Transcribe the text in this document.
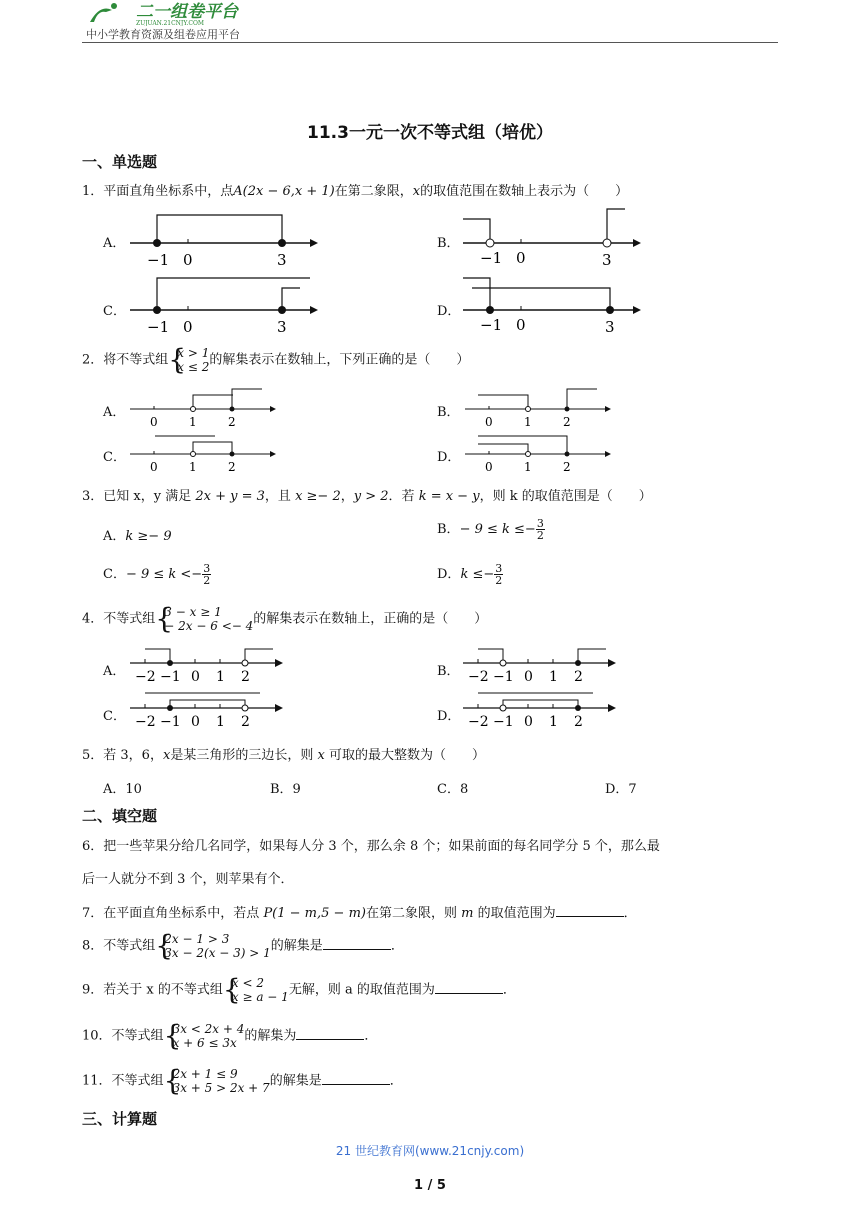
二一组卷平台
ZUJUAN.21CNJY.COM
中小学教育资源及组卷应用平台
11.3一元一次不等式组（培优）
一、单选题
1．平面直角坐标系中，点A(2x − 6,x + 1)在第二象限，x的取值范围在数轴上表示为（　　）
A．
−1 0	3
B．
−1 0	3
C．
−1 0	3
D．
−1 0	3
2．将不等式组 {
x > 1
x ≤ 2 的解集表示在数轴上，下列正确的是（　　）
A．
0	1	2
B．
0	1	2
C．
0	1	2
D．
0	1	2
3．已知 x，y 满足 2x + y = 3，且 x ≥− 2，y > 2．若 k = x − y，则 k 的取值范围是（　　）
A．k ≥− 9	B．− $9 \le k \le- \frac{3}{2}$
C．− $9 \le k <- \frac{3}{2}$	D．$k \le- \frac{3}{2}$
4．不等式组 {
3 − x ≥ 1
− 2x − 6 <− 4 的解集表示在数轴上，正确的是（　　）
A． −2 −1 0 1 2	B． −2 −1 0 1 2
C． −2 −1 0 1 2	D． −2 −1 0 1 2
5．若 3，6，x是某三角形的三边长，则 x 可取的最大整数为（　　）
A．10	B．9	C．8	D．7
二、填空题
6．把一些苹果分给几名同学，如果每人分 3 个，那么余 8 个；如果前面的每名同学分 5 个，那么最
后一人就分不到 3 个，则苹果有个．
7．在平面直角坐标系中，若点 P(1 − m,5 − m)在第二象限，则 m 的取值范围为	．
8．不等式组 {
2x − 1 > 3
3x − 2(x − 3) > 1 的解集是	．
9．若关于 x 的不等式组 {
x < 2
x ≥ a − 1 无解，则 a 的取值范围为	．
10．不等式组 {
3x < 2x + 4
x + 6 ≤ 3x 的解集为	．
11．不等式组 {
2x + 1 ≤ 9
3x + 5 > 2x + 7 的解集是	．
三、计算题
21 世纪教育网(www.21cnjy.com)
1 / 5
